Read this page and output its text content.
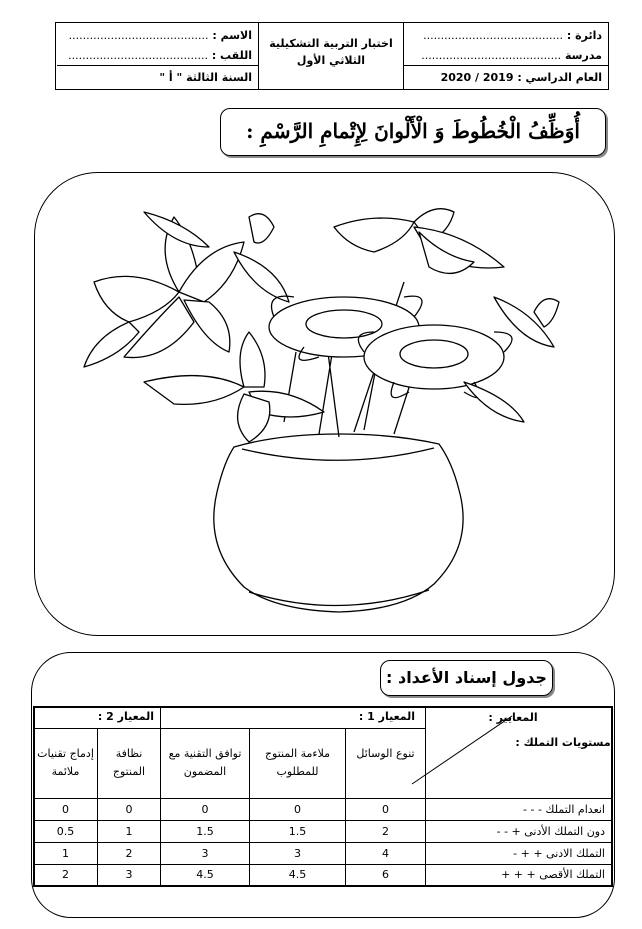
دائرة : ........................................
مدرسة ........................................
العام الدراسي : 2019 / 2020
اختبار التربية التشكيلية
الثلاثي الأول
الاسم : ........................................
اللقب : ........................................
السنة الثالثة " أ "
أُوَظِّفُ الْخُطُوطَ وَ الْأَلْوانَ لِإِتْمامِ الرَّسْمِ :
جدول إسناد الأعداد :
المعايير :
مستويات التملك :
المعيار 1 :
المعيار 2 :
تنوع الوسائل
ملاءمة المنتوج للمطلوب
توافق التقنية مع المضمون
نظافة المنتوج
إدماج تقنيات ملائمة
انعدام التملك - - -
0
0
0
0
0
دون التملك الأدنى + - -
2
1.5
1.5
1
0.5
التملك الادنى + + -
4
3
3
2
1
التملك الأقصى + + +
6
4.5
4.5
3
2
